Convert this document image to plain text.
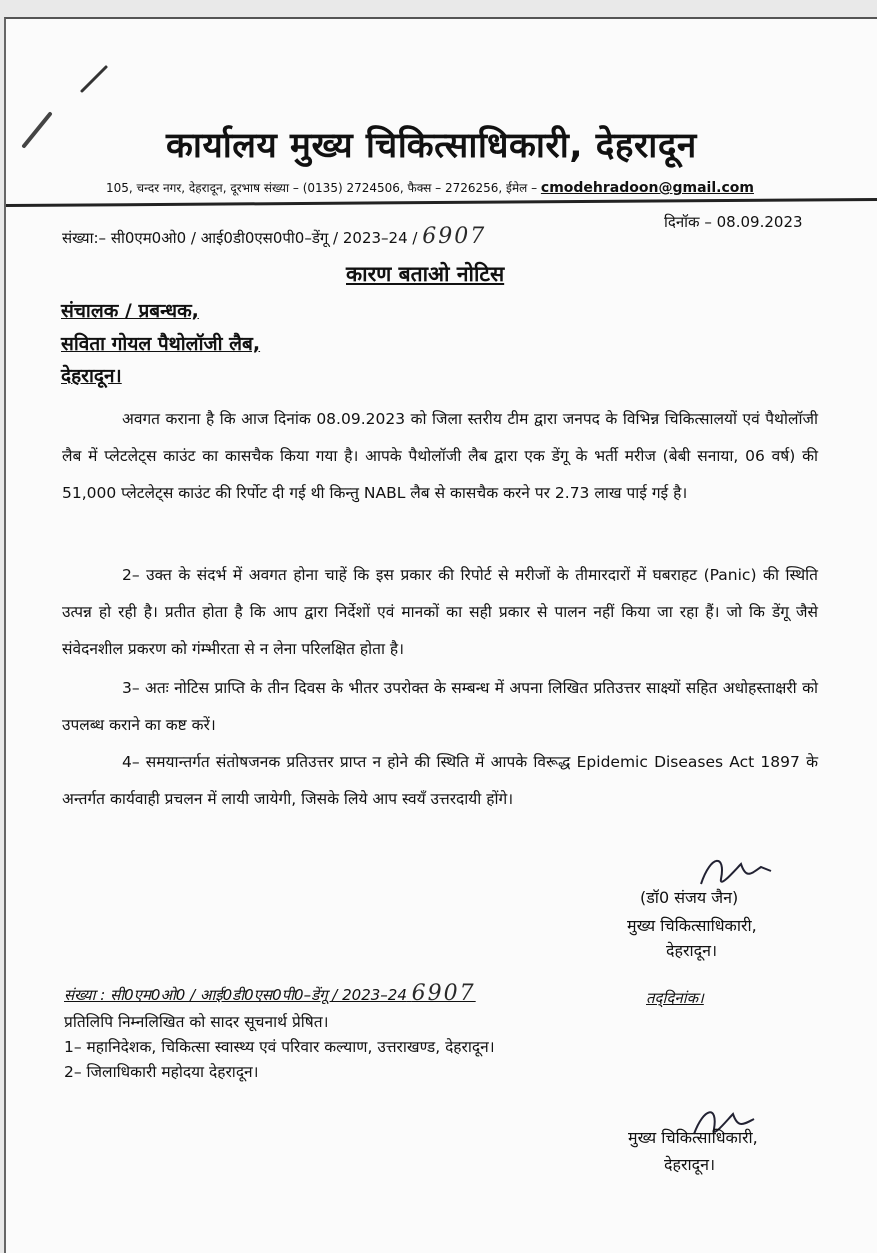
कार्यालय मुख्य चिकित्साधिकारी, देहरादून
105, चन्दर नगर, देहरादून, दूरभाष संख्या – (0135) 2724506, फैक्स – 2726256, ईमेल – cmodehradoon@gmail.com
संख्या:– सी0एम0ओ0 / आई0डी0एस0पी0–डेंगू / 2023–24 / 6907
दिनॉक – 08.09.2023
कारण बताओ नोटिस
संचालक / प्रबन्धक,
सविता गोयल पैथोलॉजी लैब,
देहरादून।
अवगत कराना है कि आज दिनांक 08.09.2023 को जिला स्तरीय टीम द्वारा जनपद के विभिन्न चिकित्सालयों एवं पैथोलॉजी लैब में प्लेटलेट्स काउंट का कासचैक किया गया है। आपके पैथोलॉजी लैब द्वारा एक डेंगू के भर्ती मरीज (बेबी सनाया, 06 वर्ष) की 51,000 प्लेटलेट्स काउंट की रिर्पोट दी गई थी किन्तु NABL लैब से कासचैक करने पर 2.73 लाख पाई गई है।
2– उक्त के संदर्भ में अवगत होना चाहें कि इस प्रकार की रिपोर्ट से मरीजों के तीमारदारों में घबराहट (Panic) की स्थिति उत्पन्न हो रही है। प्रतीत होता है कि आप द्वारा निर्देशों एवं मानकों का सही प्रकार से पालन नहीं किया जा रहा हैं। जो कि डेंगू जैसे संवेदनशील प्रकरण को गंम्भीरता से न लेना परिलक्षित होता है।
3– अतः नोटिस प्राप्ति के तीन दिवस के भीतर उपरोक्त के सम्बन्ध में अपना लिखित प्रतिउत्तर साक्ष्यों सहित अधोहस्ताक्षरी को उपलब्ध कराने का कष्ट करें।
4– समयान्तर्गत संतोषजनक प्रतिउत्तर प्राप्त न होने की स्थिति में आपके विरूद्ध Epidemic Diseases Act 1897 के अन्तर्गत कार्यवाही प्रचलन में लायी जायेगी, जिसके लिये आप स्वयँ उत्तरदायी होंगे।
(डॉ0 संजय जैन)
मुख्य चिकित्साधिकारी,
देहरादून।
संख्या : सी0एम0ओ0 / आई0डी0एस0पी0–डेंगू / 2023–24 6907	तद्‌दिनांक।
प्रतिलिपि निम्नलिखित को सादर सूचनार्थ प्रेषित।
1– महानिदेशक, चिकित्सा स्वास्थ्य एवं परिवार कल्याण, उत्तराखण्ड, देहरादून।
2– जिलाधिकारी महोदया देहरादून।
मुख्य चिकित्साधिकारी,
देहरादून।
